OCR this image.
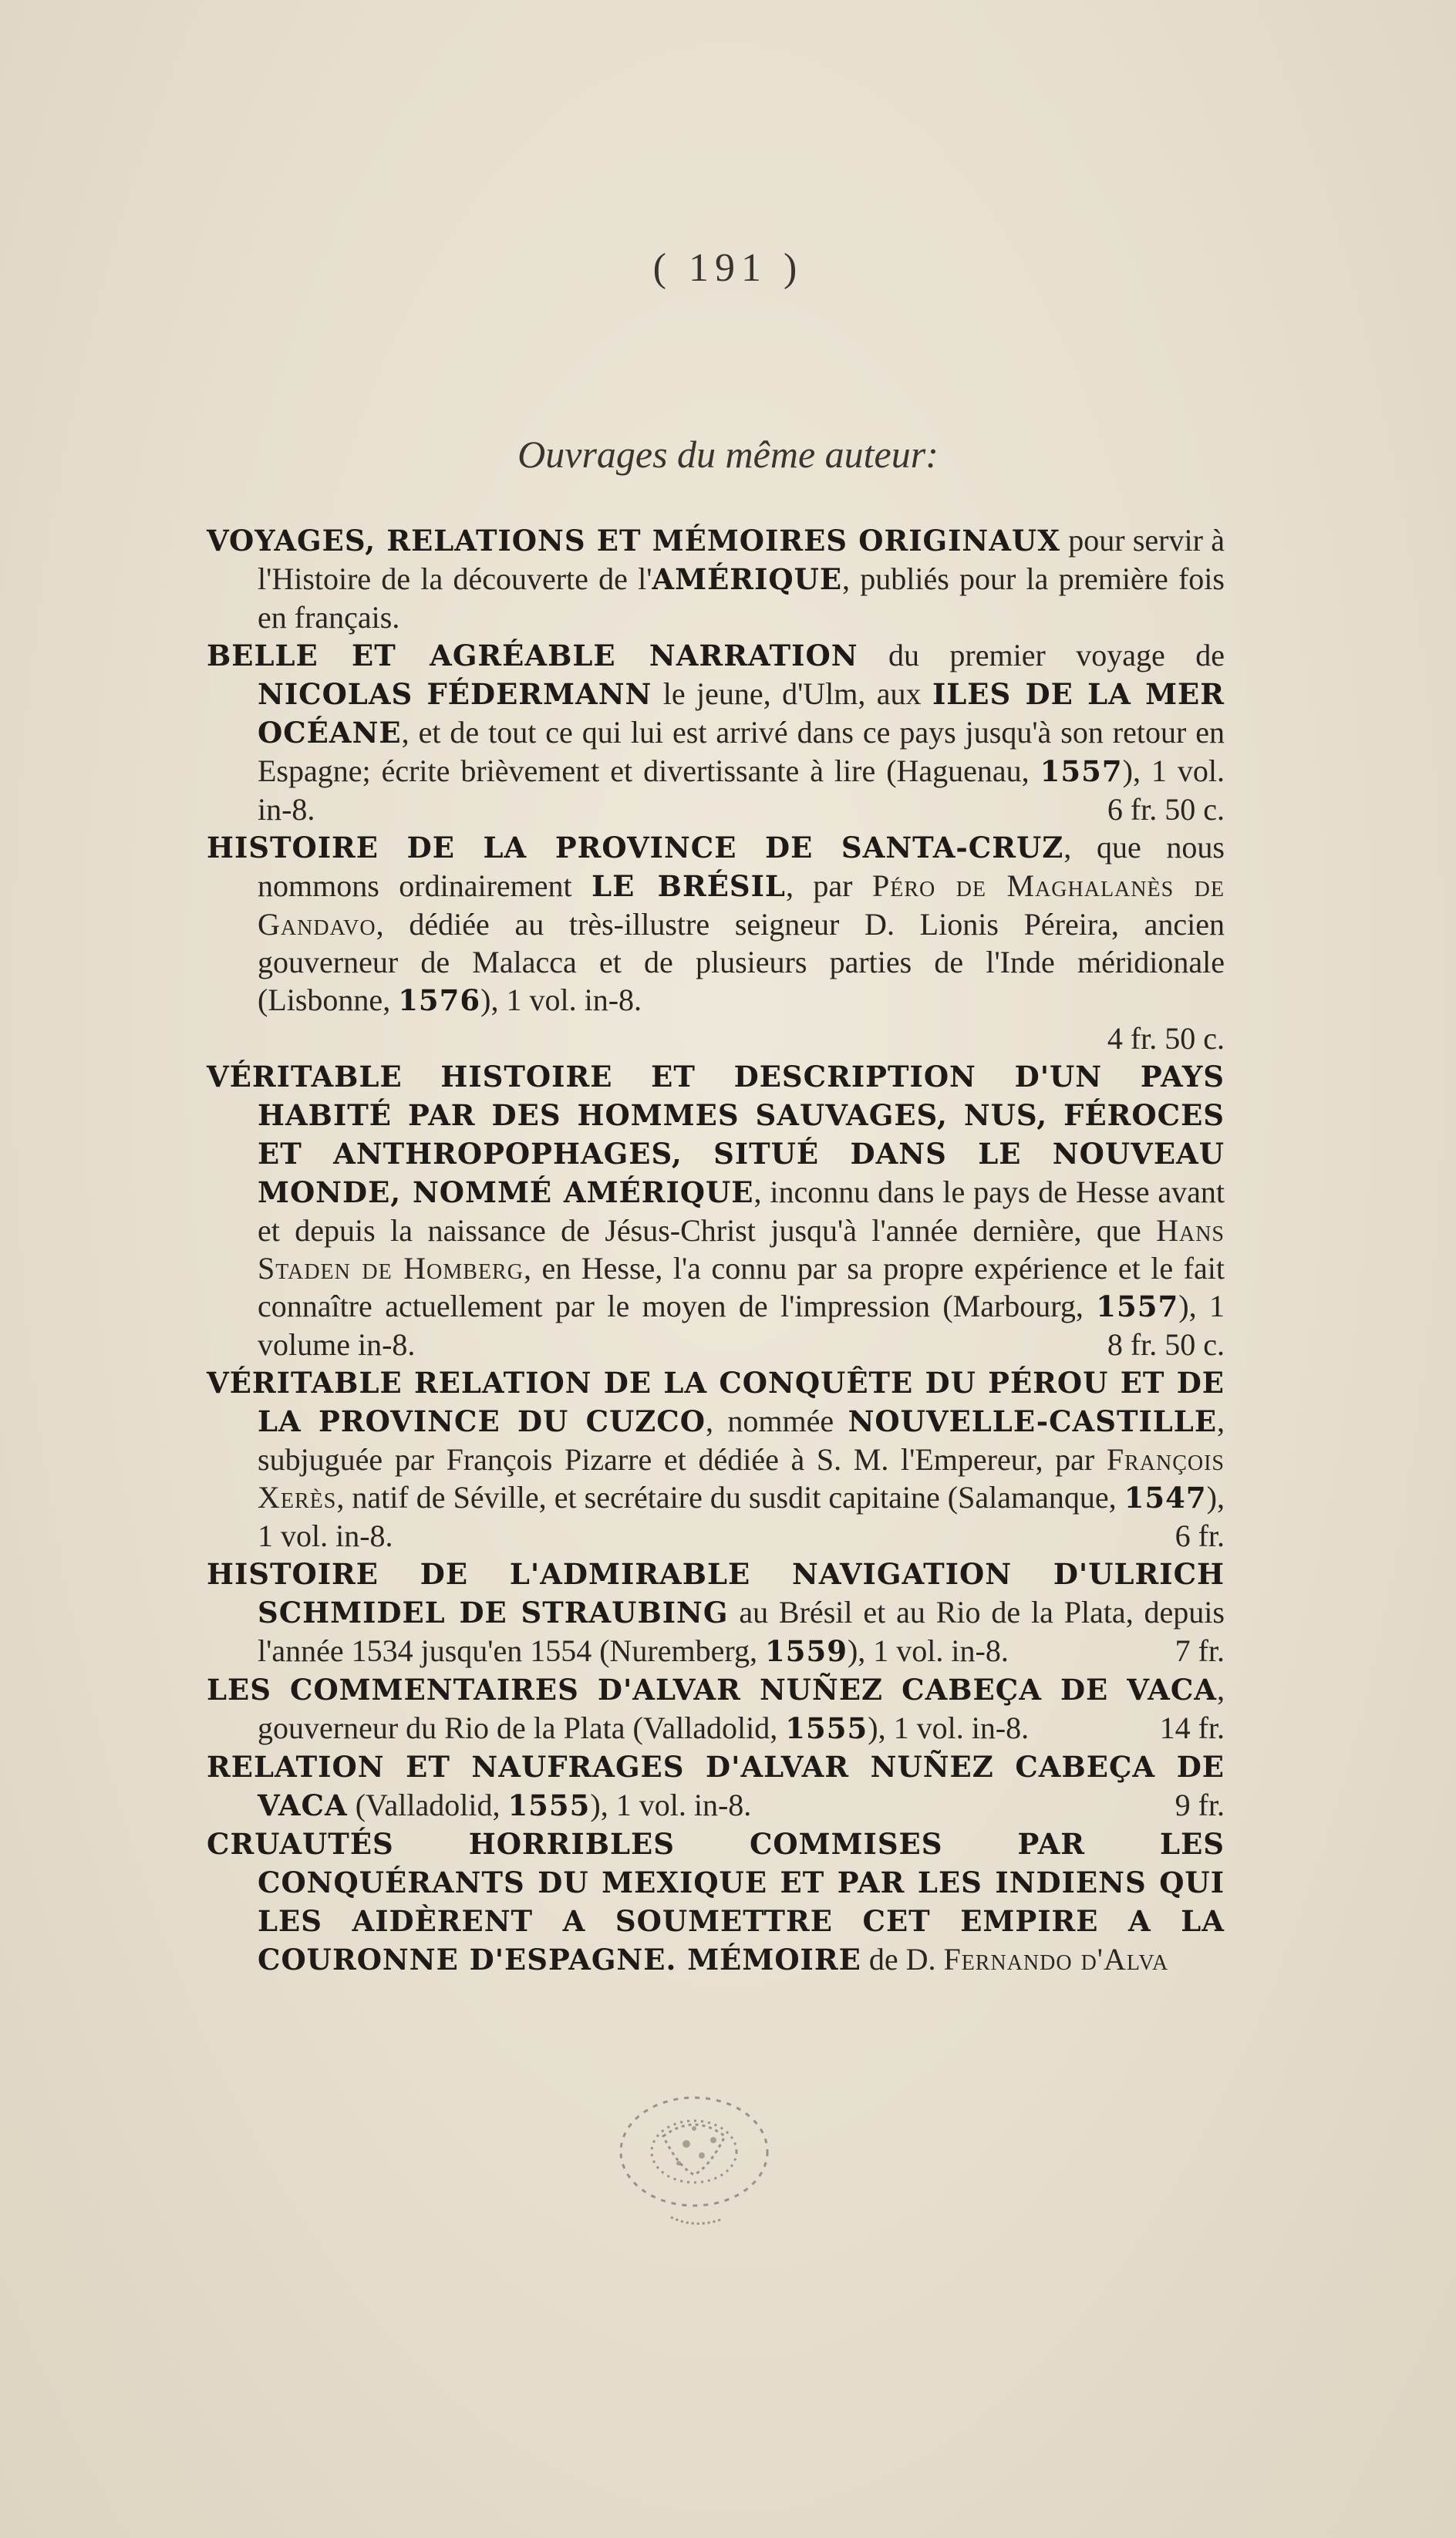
( 191 )
Ouvrages du même auteur:

VOYAGES, RELATIONS ET MÉMOIRES ORIGINAUX pour servir à l'Histoire de la découverte de l'AMÉRIQUE, publiés pour la première fois en français.

BELLE ET AGRÉABLE NARRATION du premier voyage de NICOLAS FÉDERMANN le jeune, d'Ulm, aux ILES DE LA MER OCÉANE, et de tout ce qui lui est arrivé dans ce pays jusqu'à son retour en Espagne; écrite brièvement et divertissante à lire (Haguenau, 1557), 1 vol. in-8.	6 fr. 50 c.

HISTOIRE DE LA PROVINCE DE SANTA-CRUZ, que nous nommons ordinairement LE BRÉSIL, par Péro de Maghalanès de Gandavo, dédiée au très-illustre seigneur D. Lionis Péreira, ancien gouverneur de Malacca et de plusieurs parties de l'Inde méridionale (Lisbonne, 1576), 1 vol. in-8.
4 fr. 50 c.

VÉRITABLE HISTOIRE ET DESCRIPTION D'UN PAYS HABITÉ PAR DES HOMMES SAUVAGES, NUS, FÉROCES ET ANTHROPOPHAGES, SITUÉ DANS LE NOUVEAU MONDE, NOMMÉ AMÉRIQUE, inconnu dans le pays de Hesse avant et depuis la naissance de Jésus-Christ jusqu'à l'année dernière, que Hans Staden de Homberg, en Hesse, l'a connu par sa propre expérience et le fait connaître actuellement par le moyen de l'impression (Marbourg, 1557), 1 volume in-8.	8 fr. 50 c.

VÉRITABLE RELATION DE LA CONQUÊTE DU PÉROU ET DE LA PROVINCE DU CUZCO, nommée NOUVELLE-CASTILLE, subjuguée par François Pizarre et dédiée à S. M. l'Empereur, par François Xerès, natif de Séville, et secrétaire du susdit capitaine (Salamanque, 1547), 1 vol. in-8.	6 fr.

HISTOIRE DE L'ADMIRABLE NAVIGATION D'ULRICH SCHMIDEL DE STRAUBING au Brésil et au Rio de la Plata, depuis l'année 1534 jusqu'en 1554 (Nuremberg, 1559), 1 vol. in-8.	7 fr.

LES COMMENTAIRES D'ALVAR NUÑEZ CABEÇA DE VACA, gouverneur du Rio de la Plata (Valladolid, 1555), 1 vol. in-8.	14 fr.

RELATION ET NAUFRAGES D'ALVAR NUÑEZ CABEÇA DE VACA (Valladolid, 1555), 1 vol. in-8.	9 fr.

CRUAUTÉS HORRIBLES COMMISES PAR LES CONQUÉRANTS DU MEXIQUE ET PAR LES INDIENS QUI LES AIDÈRENT A SOUMETTRE CET EMPIRE A LA COURONNE D'ESPAGNE. MÉMOIRE de D. Fernando d'Alva
